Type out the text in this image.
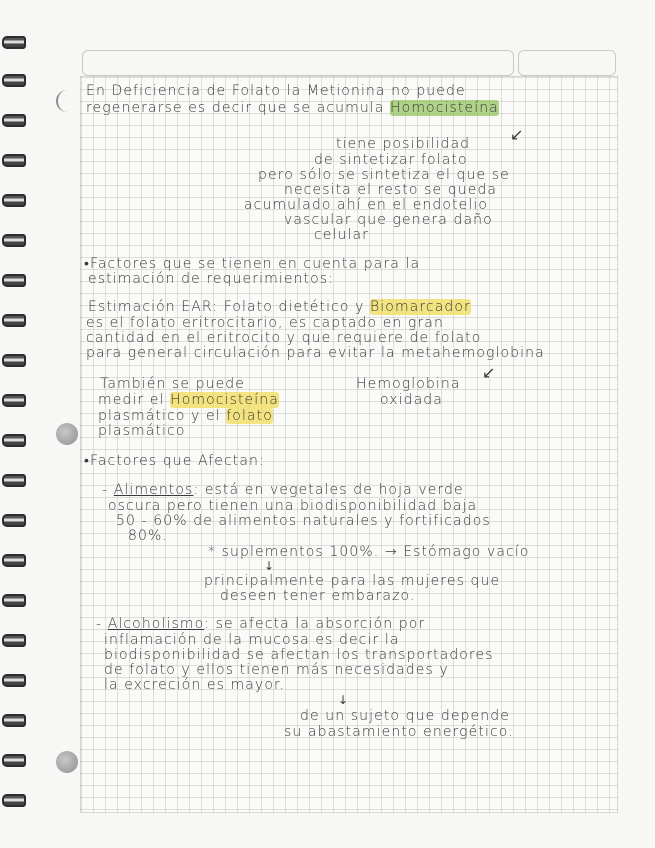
En Deficiencia de Folato la Metionina no puede

regenerarse es decir que se acumula Homocisteína

↙

tiene posibilidad

de sintetizar folato

pero sólo se sintetiza el que se

necesita el resto se queda

acumulado ahí en el endotelio

vascular que genera daño

celular

•Factores que se tienen en cuenta para la

estimación de requerimientos:

Estimación EAR: Folato dietético y Biomarcador

es el folato eritrocitario, es captado en gran

cantidad en el eritrocito y que requiere de folato

para general circulación para evitar la metahemoglobina

↙

También se puede	Hemoglobina

medir el Homocisteína	oxidada

plasmático y el folato

plasmático

•Factores que Afectan:

- Alimentos: está en vegetales de hoja verde

oscura pero tienen una biodisponibilidad baja

50 - 60% de alimentos naturales y fortificados

80%.

* suplementos 100%. → Estómago vacío

↓

principalmente para las mujeres que

deseen tener embarazo.

- Alcoholismo: se afecta la absorción por

inflamación de la mucosa es decir la

biodisponibilidad se afectan los transportadores

de folato y ellos tienen más necesidades y

la excreción es mayor.

↓

de un sujeto que depende

su abastamiento energético.
